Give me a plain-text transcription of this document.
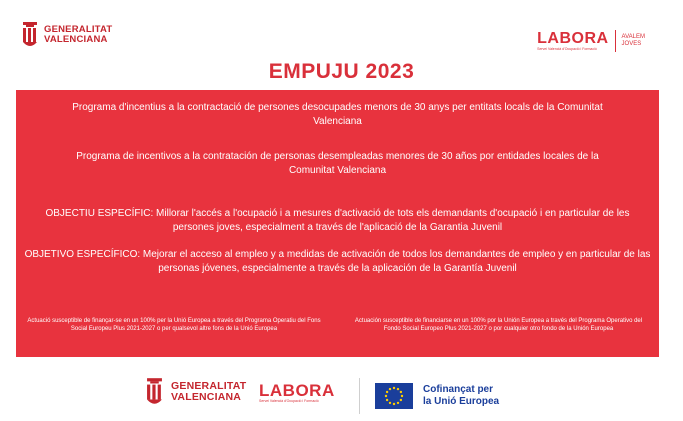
GENERALITAT
VALENCIANA	LABORA
Servei Valencià d'Ocupació i Formació
AVALEM
JOVES
EMPUJU 2023
Programa d'incentius a la contractació de persones desocupades menors de 30 anys per entitats locals de la Comunitat Valenciana
Programa de incentivos a la contratación de personas desempleadas menores de 30 años por entidades locales de la Comunitat Valenciana
OBJECTIU ESPECÍFIC: Millorar l'accés a l'ocupació i a mesures d'activació de tots els demandants d'ocupació i en particular de les persones joves, especialment a través de l'aplicació de la Garantia Juvenil
OBJETIVO ESPECÍFICO: Mejorar el acceso al empleo y a medidas de activación de todos los demandantes de empleo y en particular de las personas jóvenes, especialmente a través de la aplicación de la Garantía Juvenil
Actuació susceptible de finançar-se en un 100% per la Unió Europea a través del Programa Operatiu del Fons Social Europeu Plus 2021-2027 o per qualsevol altre fons de la Unió Europea
Actuación susceptible de financiarse en un 100% por la Unión Europea a través del Programa Operativo del Fondo Social Europeo Plus 2021-2027 o por cualquier otro fondo de la Unión Europea
GENERALITAT
VALENCIANA	LABORA
Servei Valencià d'Ocupació i Formació
Cofinançat per
la Unió Europea
